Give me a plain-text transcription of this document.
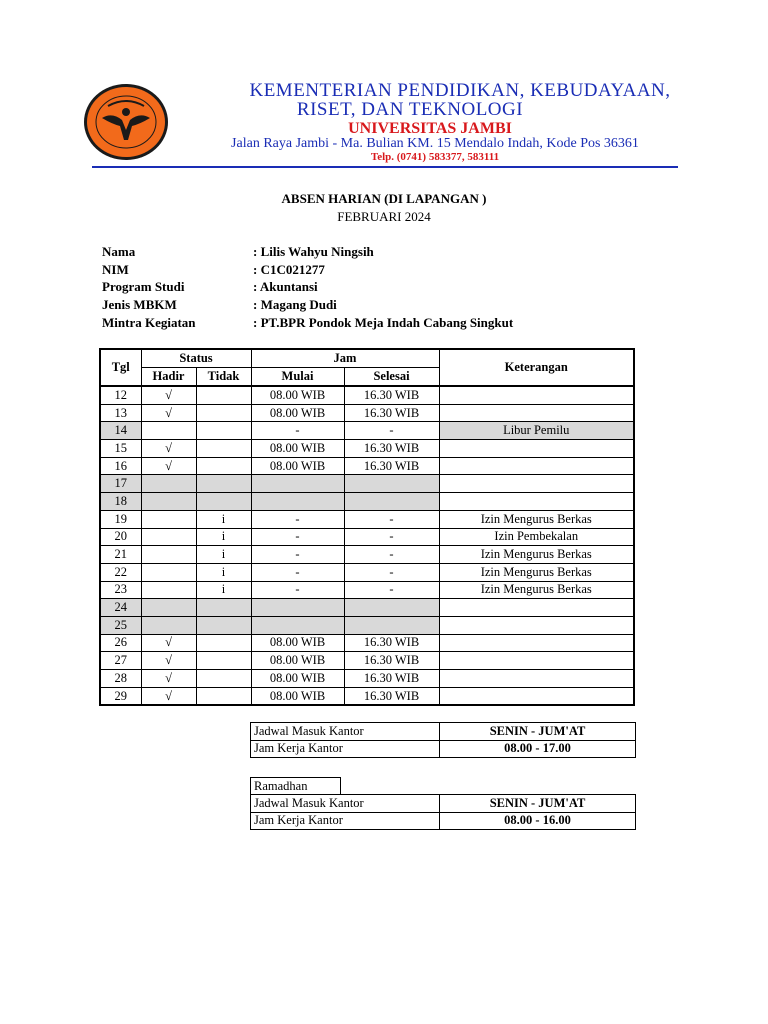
KEMENTERIAN PENDIDIKAN, KEBUDAYAAN,
RISET, DAN TEKNOLOGI
UNIVERSITAS JAMBI
Jalan Raya Jambi - Ma. Bulian KM. 15 Mendalo Indah, Kode Pos 36361
Telp. (0741) 583377, 583111
ABSEN HARIAN (DI LAPANGAN )
FEBRUARI 2024
Nama	: Lilis Wahyu Ningsih
NIM	: C1C021277
Program Studi	: Akuntansi
Jenis MBKM	: Magang Dudi
Mintra Kegiatan	: PT.BPR Pondok Meja Indah Cabang Singkut
Tgl	Status		Jam		Keterangan
	Hadir	Tidak	Mulai	Selesai	
12	√		08.00 WIB	16.30 WIB	
13	√		08.00 WIB	16.30 WIB	
14			-	-	Libur Pemilu
15	√		08.00 WIB	16.30 WIB	
16	√		08.00 WIB	16.30 WIB	
17					
18					
19		i	-	-	Izin Mengurus Berkas
20		i	-	-	Izin Pembekalan
21		i	-	-	Izin Mengurus Berkas
22		i	-	-	Izin Mengurus Berkas
23		i	-	-	Izin Mengurus Berkas
24					
25					
26	√		08.00 WIB	16.30 WIB	
27	√		08.00 WIB	16.30 WIB	
28	√		08.00 WIB	16.30 WIB	
29	√		08.00 WIB	16.30 WIB	
Jadwal Masuk Kantor	SENIN - JUM'AT
Jam Kerja Kantor	08.00 - 17.00
Ramadhan
Jadwal Masuk Kantor	SENIN - JUM'AT
Jam Kerja Kantor	08.00 - 16.00
